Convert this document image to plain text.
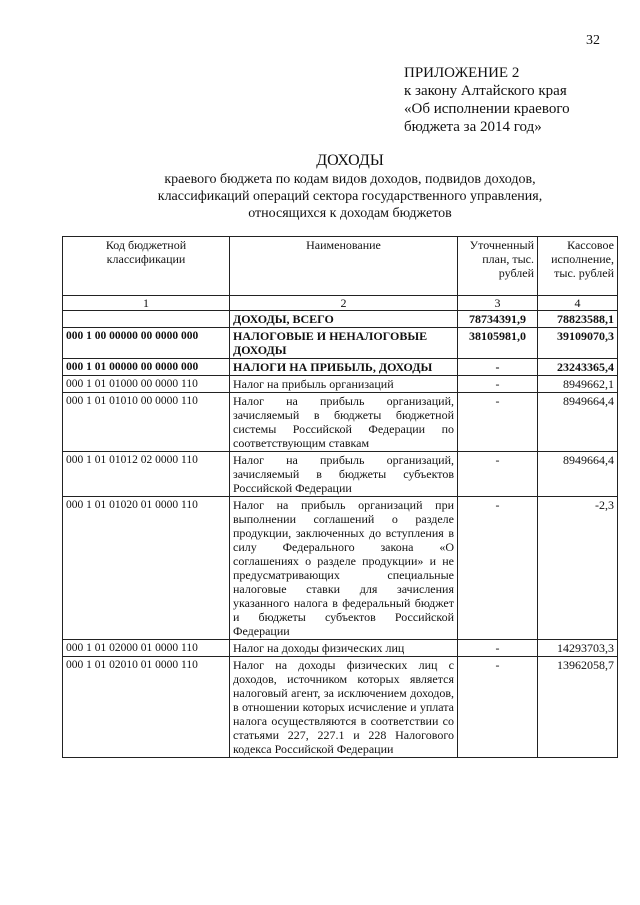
32
ПРИЛОЖЕНИЕ 2
к закону Алтайского края
«Об исполнении краевого
бюджета за 2014 год»
ДОХОДЫ
краевого бюджета по кодам видов доходов, подвидов доходов,
классификаций операций сектора государственного управления,
относящихся к доходам бюджетов
Код бюджетной классификации	Наименование	Уточненный план, тыс. рублей	Кассовое исполнение, тыс. рублей
1	2	3	4
	ДОХОДЫ, ВСЕГО	78734391,9	78823588,1
000 1 00 00000 00 0000 000	НАЛОГОВЫЕ И НЕНАЛОГОВЫЕ ДОХОДЫ	38105981,0	39109070,3
000 1 01 00000 00 0000 000	НАЛОГИ НА ПРИБЫЛЬ, ДОХОДЫ	-	23243365,4
000 1 01 01000 00 0000 110	Налог на прибыль организаций	-	8949662,1
000 1 01 01010 00 0000 110	Налог на прибыль организаций, зачисляемый в бюджеты бюджетной системы Российской Федерации по соответствующим ставкам	-	8949664,4
000 1 01 01012 02 0000 110	Налог на прибыль организаций, зачисляемый в бюджеты субъектов Российской Федерации	-	8949664,4
000 1 01 01020 01 0000 110	Налог на прибыль организаций при выполнении соглашений о разделе продукции, заключенных до вступления в силу Федерального закона «О соглашениях о разделе продукции» и не предусматривающих специальные налоговые ставки для зачисления указанного налога в федеральный бюджет и бюджеты субъектов Российской Федерации	-	-2,3
000 1 01 02000 01 0000 110	Налог на доходы физических лиц	-	14293703,3
000 1 01 02010 01 0000 110	Налог на доходы физических лиц с доходов, источником которых является налоговый агент, за исключением доходов, в отношении которых исчисление и уплата налога осуществляются в соответствии со статьями 227, 227.1 и 228 Налогового кодекса Российской Федерации	-	13962058,7
